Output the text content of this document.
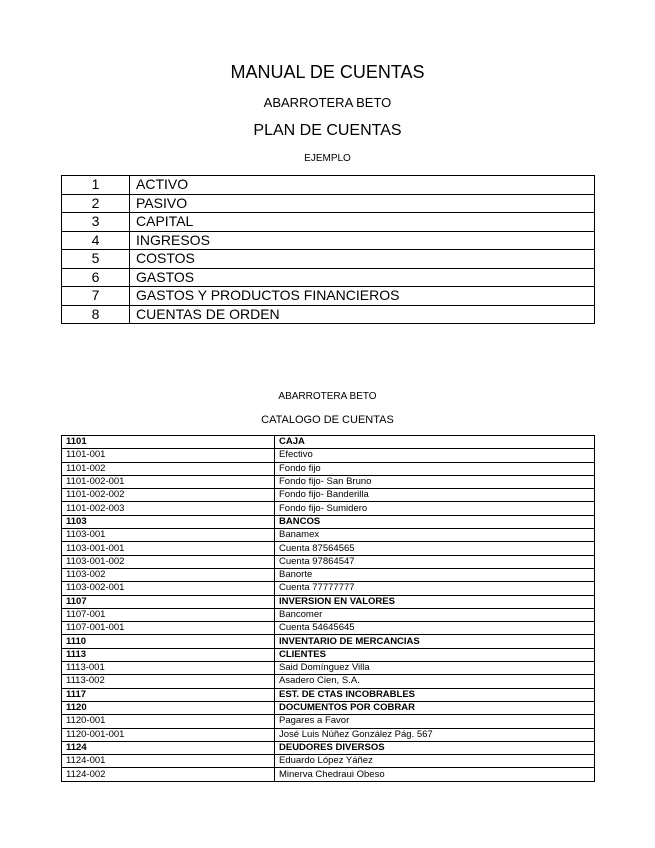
MANUAL DE CUENTAS
ABARROTERA BETO
PLAN DE CUENTAS
EJEMPLO
1	ACTIVO
2	PASIVO
3	CAPITAL
4	INGRESOS
5	COSTOS
6	GASTOS
7	GASTOS Y PRODUCTOS FINANCIEROS
8	CUENTAS DE ORDEN
ABARROTERA BETO
CATALOGO DE CUENTAS
1101	CAJA
1101-001	Efectivo
1101-002	Fondo fijo
1101-002-001	Fondo fijo- San Bruno
1101-002-002	Fondo fijo- Banderilla
1101-002-003	Fondo fijo- Sumidero
1103	BANCOS
1103-001	Banamex
1103-001-001	Cuenta 87564565
1103-001-002	Cuenta 97864547
1103-002	Banorte
1103-002-001	Cuenta 77777777
1107	INVERSION EN VALORES
1107-001	Bancomer
1107-001-001	Cuenta 54645645
1110	INVENTARIO DE MERCANCIAS
1113	CLIENTES
1113-001	Said Domínguez Villa
1113-002	Asadero Cien, S.A.
1117	EST. DE CTAS INCOBRABLES
1120	DOCUMENTOS POR COBRAR
1120-001	Pagares a Favor
1120-001-001	José Luis Núñez González Pág. 567
1124	DEUDORES DIVERSOS
1124-001	Eduardo López Yáñez
1124-002	Minerva Chedraui Obeso
